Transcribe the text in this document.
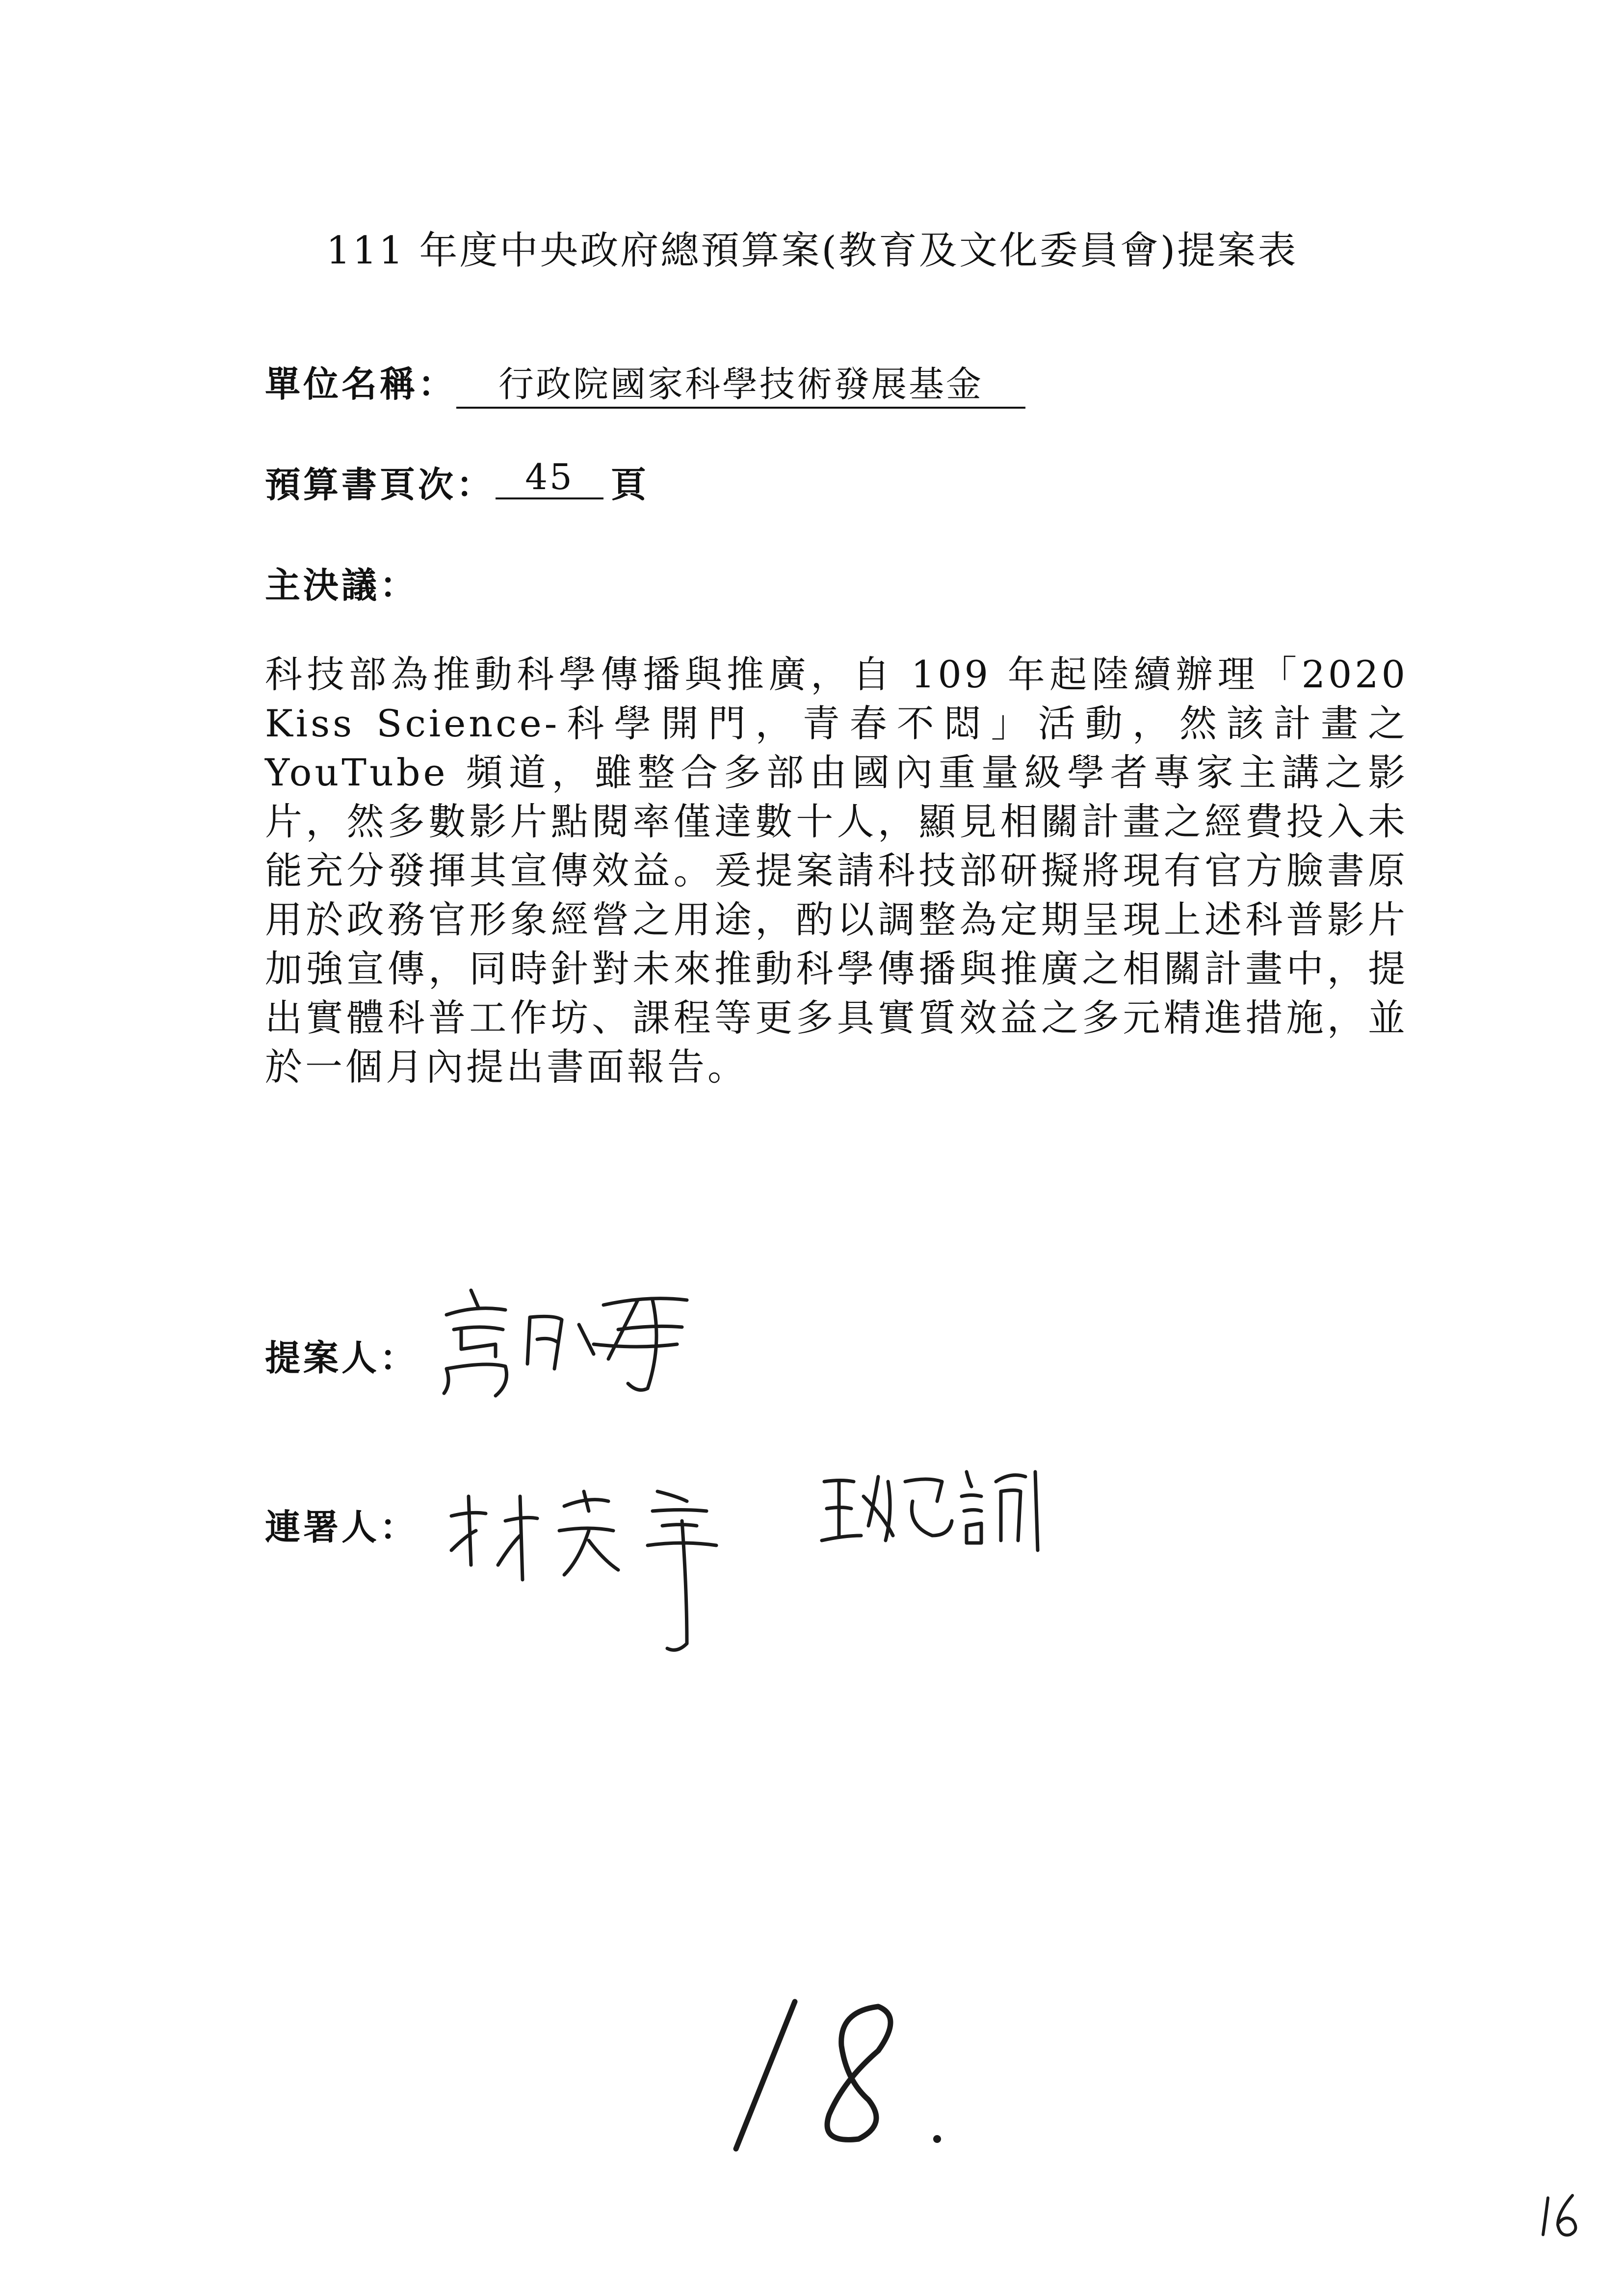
111 年度中央政府總預算案(教育及文化委員會)提案表
單位名稱：	行政院國家科學技術發展基金
預算書頁次： 45	頁
主決議：
科技部為推動科學傳播與推廣，自 109 年起陸續辦理「2020 Kiss Science-科學開門，青春不悶」活動，然該計畫之YouTube 頻道，雖整合多部由國內重量級學者專家主講之影片，然多數影片點閱率僅達數十人，顯見相關計畫之經費投入未能充分發揮其宣傳效益。爰提案請科技部研擬將現有官方臉書原用於政務官形象經營之用途，酌以調整為定期呈現上述科普影片加強宣傳，同時針對未來推動科學傳播與推廣之相關計畫中，提出實體科普工作坊、課程等更多具實質效益之多元精進措施，並於一個月內提出書面報告。
提案人：
連署人：
